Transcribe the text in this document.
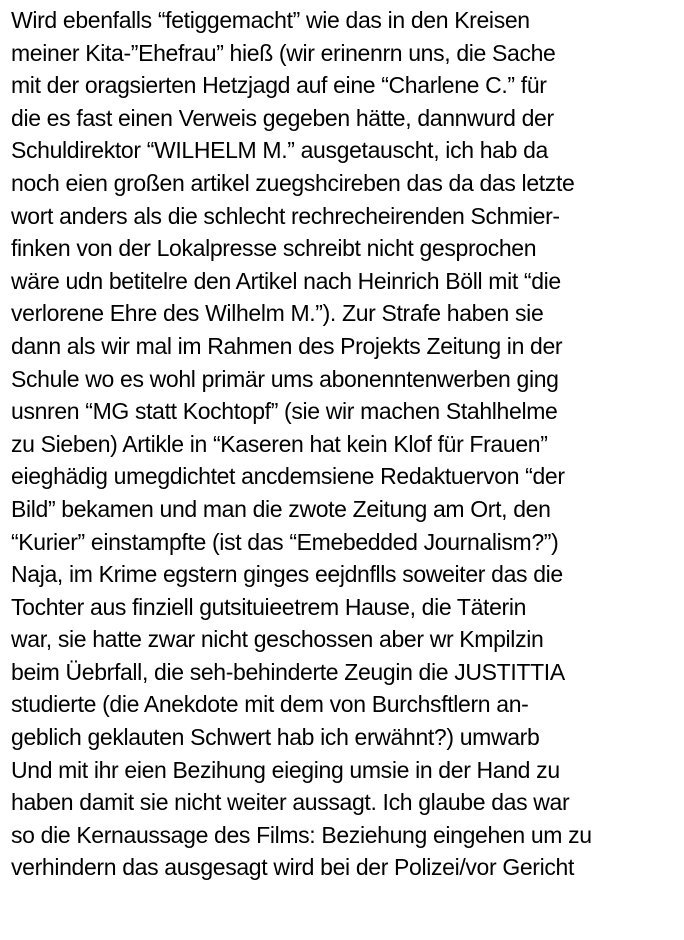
Wird ebenfalls “fetiggemacht” wie das in den Kreisen
meiner Kita-”Ehefrau” hieß (wir erinenrn uns, die Sache
mit der oragsierten Hetzjagd auf eine “Charlene C.” für
die es fast einen Verweis gegeben hätte, dannwurd der
Schuldirektor “WILHELM M.” ausgetauscht, ich hab da
noch eien großen artikel zuegshcireben das da das letzte
wort anders als die schlecht rechrecheirenden Schmier-
finken von der Lokalpresse schreibt nicht gesprochen
wäre udn betitelre den Artikel nach Heinrich Böll mit “die
verlorene Ehre des Wilhelm M.”). Zur Strafe haben sie
dann als wir mal im Rahmen des Projekts Zeitung in der
Schule wo es wohl primär ums abonenntenwerben ging
usnren “MG statt Kochtopf” (sie wir machen Stahlhelme
zu Sieben) Artikle in “Kaseren hat kein Klof für Frauen”
eieghädig umegdichtet ancdemsiene Redaktuervon “der
Bild” bekamen und man die zwote Zeitung am Ort, den
“Kurier” einstampfte (ist das “Emebedded Journalism?”)
Naja, im Krime egstern ginges eejdnflls soweiter das die
Tochter aus finziell gutsituieetrem Hause, die Täterin
war, sie hatte zwar nicht geschossen aber wr Kmpilzin
beim Üebrfall, die seh-behinderte Zeugin die JUSTITTIA
studierte (die Anekdote mit dem von Burchsftlern an-
geblich geklauten Schwert hab ich erwähnt?) umwarb
Und mit ihr eien Bezihung eieging umsie in der Hand zu
haben damit sie nicht weiter aussagt. Ich glaube das war
so die Kernaussage des Films: Beziehung eingehen um zu
verhindern das ausgesagt wird bei der Polizei/vor Gericht
